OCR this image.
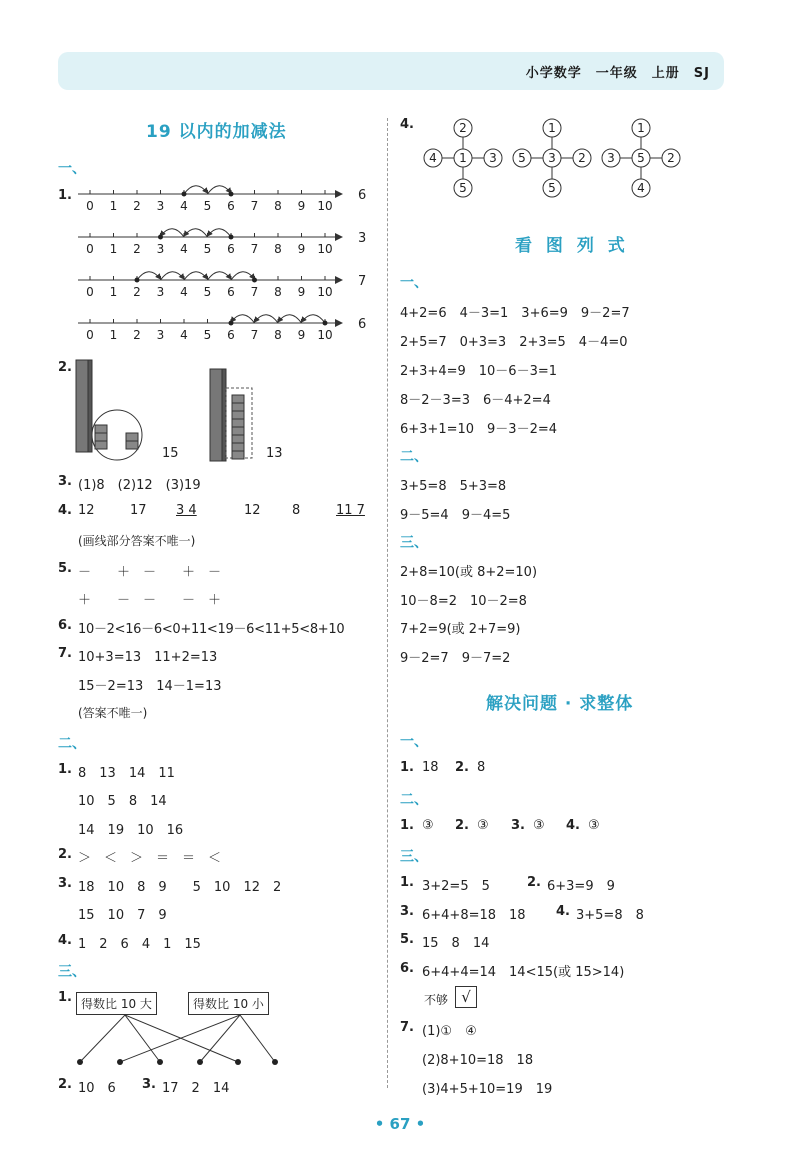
小学数学　一年级　上册　SJ
19 以内的加减法
一、
1.
0 1 2 3 4 5 6 7 8 9 10
0 1 2 3 4 5 6 7 8 9 10
0 1 2 3 4 5 6 7 8 9 10
0 1 2 3 4 5 6 7 8 9 10
6
3
7
6
2.
15	13
3. (1)8　(2)12　(3)19
4. 12	17 3 4	12 8	11 7
(画线部分答案不唯一)
5. －　　＋　－　　＋　－
＋　　－　－　　－　＋
6. 10－2<16－6<0+11<19－6<11+5<8+10
7. 10+3=13　11+2=13
15－2=13　14－1=13
(答案不唯一)
二、
1. 8　13　14　11
10　5　8　14
14　19　10　16
2. ＞　＜　＞　＝　＝　＜
3. 18　10　8　9　　5　10　12　2
15　10　7　9
4. 1　2　6　4　1　15
三、
1. 得数比 10 大	得数比 10 小
2. 10　6 3. 17　2　14
4.	2
5
4	3
1
1
5
5	2
3
1
4
3	2
5
看 图 列 式
一、
4+2=6　4－3=1　3+6=9　9－2=7
2+5=7　0+3=3　2+3=5　4－4=0
2+3+4=9　10－6－3=1
8－2－3=3　6－4+2=4
6+3+1=10　9－3－2=4
二、
3+5=8　5+3=8
9－5=4　9－4=5
三、
2+8=10(或 8+2=10)
10－8=2　10－2=8
7+2=9(或 2+7=9)
9－2=7　9－7=2
解决问题 · 求整体
一、
1. 18 2. 8
二、
1. ③ 2. ③ 3. ③ 4. ③
三、
1. 3+2=5　5	2. 6+3=9　9
3. 6+4+8=18　18 4. 3+5=8　8
5. 15　8　14
6. 6+4+4=14　14<15(或 15>14)
不够 √
7. (1)①　④
(2)8+10=18　18
(3)4+5+10=19　19
• 67 •
